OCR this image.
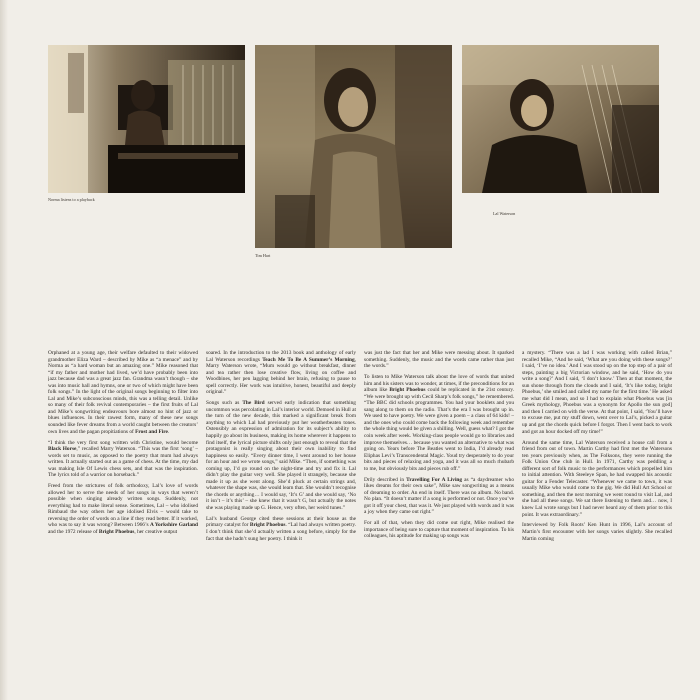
Norma listens to a playback
Tim Hart
Lal Waterson

Orphaned at a young age, their welfare defaulted to their widowed grandmother Eliza Ward – described by Mike as “a menace” and by Norma as “a hard woman but an amazing one.” Mike reasoned that “if my father and mother had lived, we’d have probably been into jazz because dad was a great jazz fan. Grandma wasn’t though – she was into music hall and hymns, one or two of which might have been folk songs.” In the light of the original songs beginning to filter into Lal and Mike’s subconscious minds, this was a telling detail. Unlike so many of their folk revival contemporaries – the first fruits of Lal and Mike’s songwriting endeavours bore almost no hint of jazz or blues influences. In their rawest form, many of these new songs sounded like fever dreams from a world caught between the creators’ own lives and the pagan propitiations of Frost and Fire.

“I think the very first song written with Christine, would become Black Horse,” recalled Marry Waterson. “This was the first ‘song’ – words set to music, as opposed to the poetry that mum had always written. It actually started out as a game of chess. At the time, my dad was making Isle Of Lewis chess sets, and that was the inspiration. The lyrics told of a warrior on horseback.”

Freed from the strictures of folk orthodoxy, Lal’s love of words allowed her to serve the needs of her songs in ways that weren’t possible when singing already written songs. Suddenly, not everything had to make literal sense. Sometimes, Lal – who idolised Rimbaud the way others her age idolised Elvis – would take to reversing the order of words on a line if they read better. If it worked, who was to say it was wrong? Between 1966’s A Yorkshire Garland and the 1972 release of Bright Phoebus, her creative output

soared. In the introduction to the 2013 book and anthology of early Lal Waterson recordings Teach Me To Be A Summer’s Morning, Marry Waterson wrote, “Mum would go without breakfast, dinner and tea rather then lose creative flow, living on coffee and Woodbines, her pen lagging behind her brain, refusing to pause to spell correctly. Her work was intuitive, honest, beautiful and deeply original.”

Songs such as The Bird served early indication that something uncommon was percolating in Lal’s interior world. Demoed in Hull at the turn of the new decade, this marked a significant break from anything to which Lal had previously put her weatherbeaten tones. Ostensibly an expression of admiration for its subject’s ability to happily go about its business, making its home wherever it happens to find itself, the lyrical picture shifts only just enough to reveal that the protagonist is really singing about their own inability to find happiness so easily. “Every dinner time, I went around to her house for an hour and we wrote songs,” said Mike. “Then, if something was coming up, I’d go round on the night-time and try and fix it. Lal didn’t play the guitar very well. She played it strangely, because she made it up as she went along. She’d pluck at certain strings and, whatever the shape was, she would learn that. She wouldn’t recognise the chords or anything… I would say, ‘It’s G’ and she would say, ‘No it isn’t – it’s this’ – she knew that it wasn’t G, but actually the notes she was playing made up G. Hence, very often, her weird tunes.”

Lal’s husband George cited these sessions at their house as the primary catalyst for Bright Phoebus. “Lal had always written poetry. I don’t think that she’d actually written a song before, simply for the fact that she hadn’t sung her poetry. I think it

was just the fact that her and Mike were messing about. It sparked something. Suddenly, the music and the words came rather than just the words.”

To listen to Mike Waterson talk about the love of words that united him and his sisters was to wonder, at times, if the preconditions for an album like Bright Phoebus could be replicated in the 21st century. “We were brought up with Cecil Sharp’s folk songs,” he remembered. “The BBC did schools programmes. You had your booklets and you sang along to them on the radio. That’s the era I was brought up in. We used to have poetry. We were given a poem – a class of 64 kids! – and the ones who could come back the following week and remember the whole thing would be given a shilling. Well, guess what? I got the coin week after week. Working-class people would go to libraries and improve themselves… because you wanted an alternative to what was going on. Years before The Beatles went to India, I’d already read Eliphas Levi’s Transcendental Magic. Youd try desperately to do your bits and pieces of relaxing and yoga, and it was all so much rhubarb to me, but obviously bits and pieces rub off.”

Drily described in Travelling For A Living as “a daydreamer who likes dreams for their own sake”, Mike saw songwriting as a means of dreaming to order. An end in itself. There was no album. No band. No plan. “It doesn’t matter if a song is performed or not. Once you’ve got it off your chest, that was it. We just played with words and it was a joy when they came out right.”

For all of that, when they did come out right, Mike realised the importance of being sure to capture that moment of inspiration. To his colleagues, his aptitude for making up songs was

a mystery. “There was a lad I was working with called Brian,” recalled Mike, “And he said, ‘What are you doing with these songs?’ I said, ‘I’ve no idea.’ And I was stood up on the top step of a pair of steps, painting a big Victorian window, and he said, ‘How do you write a song?’ And I said, ‘I don’t know.’ Then at that moment, the sun shone through from the clouds and I said, ‘It’s like today, bright Phoebus,’ she smiled and called my name for the first time.’ He asked me what did I mean, and so I had to explain what Phoebus was [in Greek mythology, Phoebus was a synonym for Apollo the sun god] and then I carried on with the verse. At that point, I said, ‘You’ll have to excuse me, put my stuff down, went over to Lal’s, picked a guitar up and got the chords quick before I forgot. Then I went back to work and got an hour docked off my time!”

Around the same time, Lal Waterson received a house call from a friend from out of town. Martin Carthy had first met the Watersons ten years previously when, as The Folksons, they were running the Folk Union One club in Hull. In 1971, Carthy was peddling a different sort of folk music to the performances which propelled him to initial attention. With Steeleye Span, he had swapped his acoustic guitar for a Fender Telecaster. “Whenever we came to town, it was usually Mike who would come to the gig. We did Hull Art School or something, and then the next morning we went round to visit Lal, and she had all these songs. We sat there listening to them and… now, I knew Lal wrote songs but I had never heard any of them prior to this point. It was extraordinary.”

Interviewed by Folk Roots’ Ken Hunt in 1996, Lal’s account of Martin’s first encounter with her songs varies slightly. She recalled Martin coming
